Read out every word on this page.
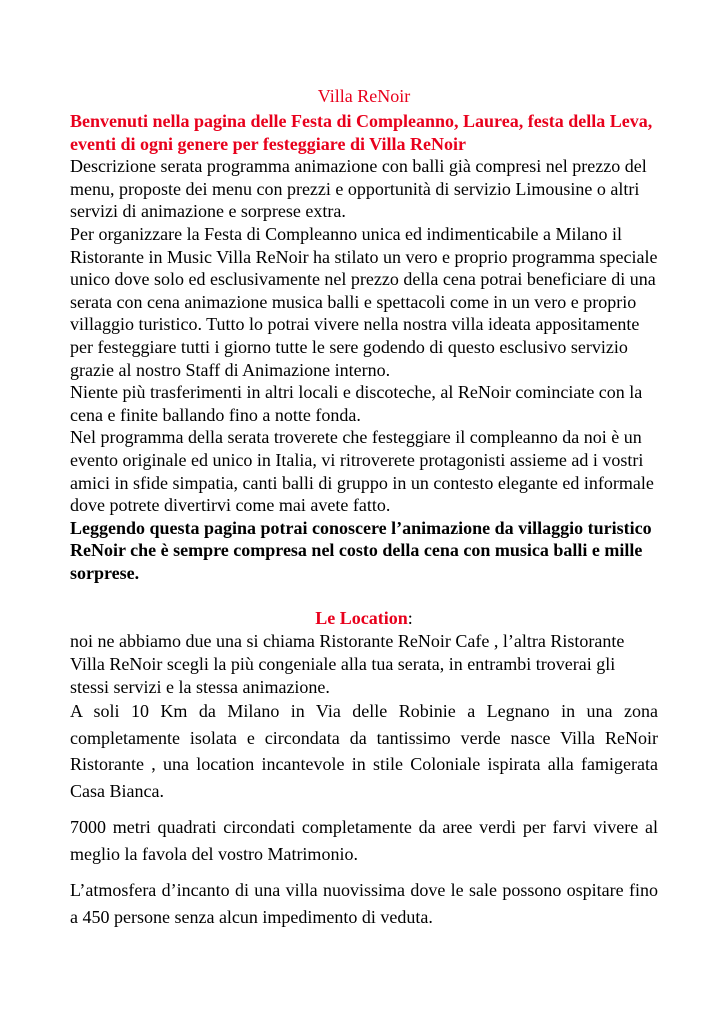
Villa ReNoir

Benvenuti nella pagina delle Festa di Compleanno, Laurea, festa della Leva, eventi di ogni genere per festeggiare di Villa ReNoir

Descrizione serata programma animazione con balli già compresi nel prezzo del menu, proposte dei menu con prezzi e opportunità di servizio Limousine o altri servizi di animazione e sorprese extra.

Per organizzare la Festa di Compleanno unica ed indimenticabile a Milano il Ristorante in Music Villa ReNoir ha stilato un vero e proprio programma speciale unico dove solo ed esclusivamente nel prezzo della cena potrai beneficiare di una serata con cena animazione musica balli e spettacoli come in un vero e proprio villaggio turistico. Tutto lo potrai vivere nella nostra villa ideata appositamente per festeggiare tutti i giorno tutte le sere godendo di questo esclusivo servizio grazie al nostro Staff di Animazione interno.

Niente più trasferimenti in altri locali e discoteche, al ReNoir cominciate con la cena e finite ballando fino a notte fonda.

Nel programma della serata troverete che festeggiare il compleanno da noi è un evento originale ed unico in Italia, vi ritroverete protagonisti assieme ad i vostri amici in sfide simpatia, canti balli di gruppo in un contesto elegante ed informale dove potrete divertirvi come mai avete fatto.

Leggendo questa pagina potrai conoscere l’animazione da villaggio turistico ReNoir che è sempre compresa nel costo della cena con musica balli e mille sorprese.

Le Location:

noi ne abbiamo due una si chiama Ristorante ReNoir Cafe , l’altra Ristorante Villa ReNoir scegli la più congeniale alla tua serata, in entrambi troverai gli stessi servizi e la stessa animazione.

A soli 10 Km da Milano in Via delle Robinie a Legnano in una zona completamente isolata e circondata da tantissimo verde nasce Villa ReNoir Ristorante , una location incantevole in stile Coloniale ispirata alla famigerata Casa Bianca.

7000 metri quadrati circondati completamente da aree verdi per farvi vivere al meglio la favola del vostro Matrimonio.

L’atmosfera d’incanto di una villa nuovissima dove le sale possono ospitare fino a 450 persone senza alcun impedimento di veduta.
